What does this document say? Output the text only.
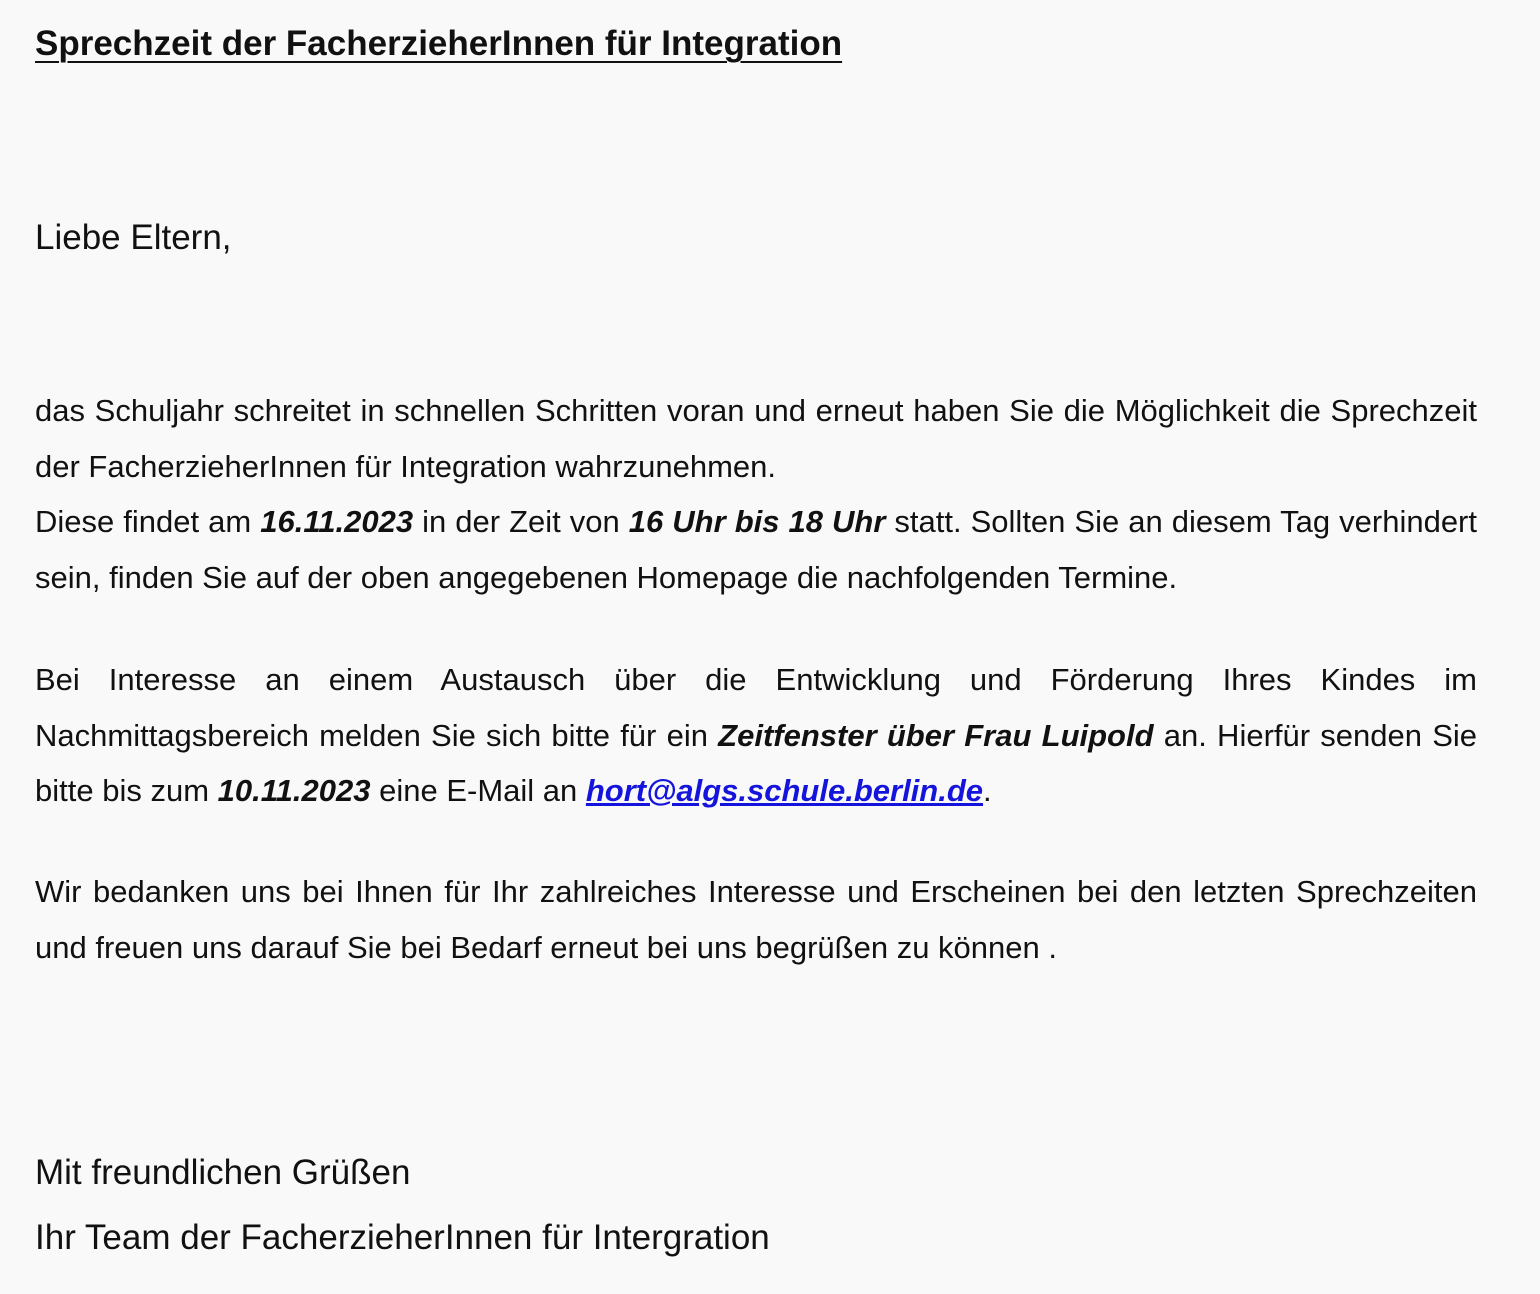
Sprechzeit der FacherzieherInnen für Integration

Liebe Eltern,

das Schuljahr schreitet in schnellen Schritten voran und erneut haben Sie die Möglichkeit die Sprechzeit der FacherzieherInnen für Integration wahrzunehmen.

Diese findet am 16.11.2023 in der Zeit von 16 Uhr bis 18 Uhr statt. Sollten Sie an diesem Tag verhindert sein, finden Sie auf der oben angegebenen Homepage die nachfolgenden Termine.

Bei Interesse an einem Austausch über die Entwicklung und Förderung Ihres Kindes im Nachmittagsbereich melden Sie sich bitte für ein Zeitfenster über Frau Luipold an. Hierfür senden Sie bitte bis zum 10.11.2023 eine E-Mail an hort@algs.schule.berlin.de.

Wir bedanken uns bei Ihnen für Ihr zahlreiches Interesse und Erscheinen bei den letzten Sprechzeiten und freuen uns darauf Sie bei Bedarf erneut bei uns begrüßen zu können .

Mit freundlichen Grüßen

Ihr Team der FacherzieherInnen für Intergration
